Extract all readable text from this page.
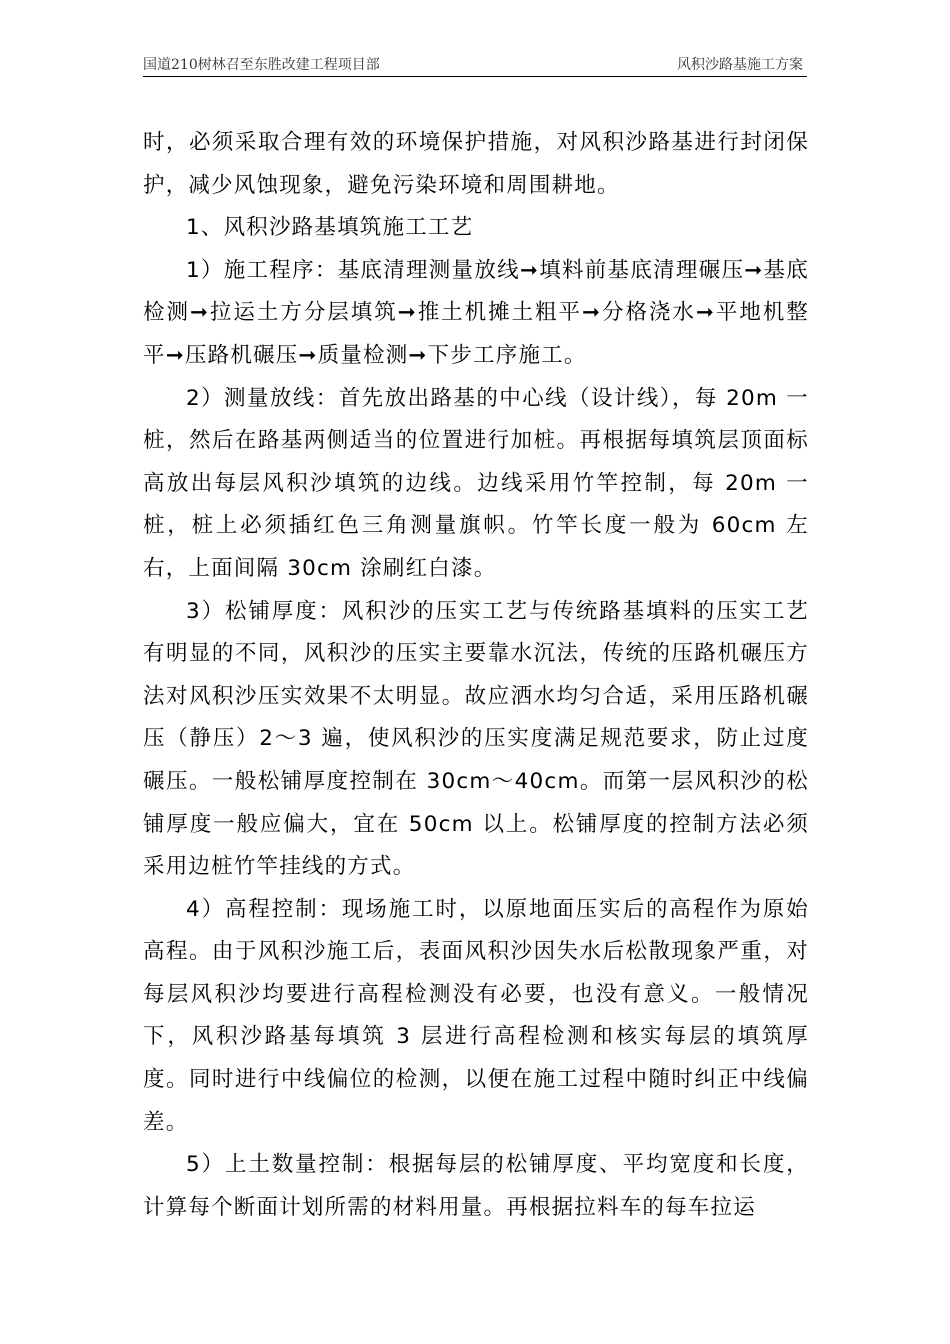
国道210树林召至东胜改建工程项目部	风积沙路基施工方案

时，必须采取合理有效的环境保护措施，对风积沙路基进行封闭保护，减少风蚀现象，避免污染环境和周围耕地。

1、风积沙路基填筑施工工艺

1）施工程序：基底清理测量放线➞填料前基底清理碾压➞基底检测➞拉运土方分层填筑➞推土机摊土粗平➞分格浇水➞平地机整平➞压路机碾压➞质量检测➞下步工序施工。

2）测量放线：首先放出路基的中心线（设计线），每 20m 一桩，然后在路基两侧适当的位置进行加桩。再根据每填筑层顶面标高放出每层风积沙填筑的边线。边线采用竹竿控制，每 20m 一桩，桩上必须插红色三角测量旗帜。竹竿长度一般为 60cm 左右，上面间隔 30cm 涂刷红白漆。

3）松铺厚度：风积沙的压实工艺与传统路基填料的压实工艺有明显的不同，风积沙的压实主要靠水沉法，传统的压路机碾压方法对风积沙压实效果不太明显。故应洒水均匀合适，采用压路机碾压（静压）2～3 遍，使风积沙的压实度满足规范要求，防止过度碾压。一般松铺厚度控制在 30cm～40cm。而第一层风积沙的松铺厚度一般应偏大，宜在 50cm 以上。松铺厚度的控制方法必须采用边桩竹竿挂线的方式。

4）高程控制：现场施工时，以原地面压实后的高程作为原始高程。由于风积沙施工后，表面风积沙因失水后松散现象严重，对每层风积沙均要进行高程检测没有必要，也没有意义。一般情况下，风积沙路基每填筑 3 层进行高程检测和核实每层的填筑厚度。同时进行中线偏位的检测，以便在施工过程中随时纠正中线偏差。

5）上土数量控制：根据每层的松铺厚度、平均宽度和长度，计算每个断面计划所需的材料用量。再根据拉料车的每车拉运
